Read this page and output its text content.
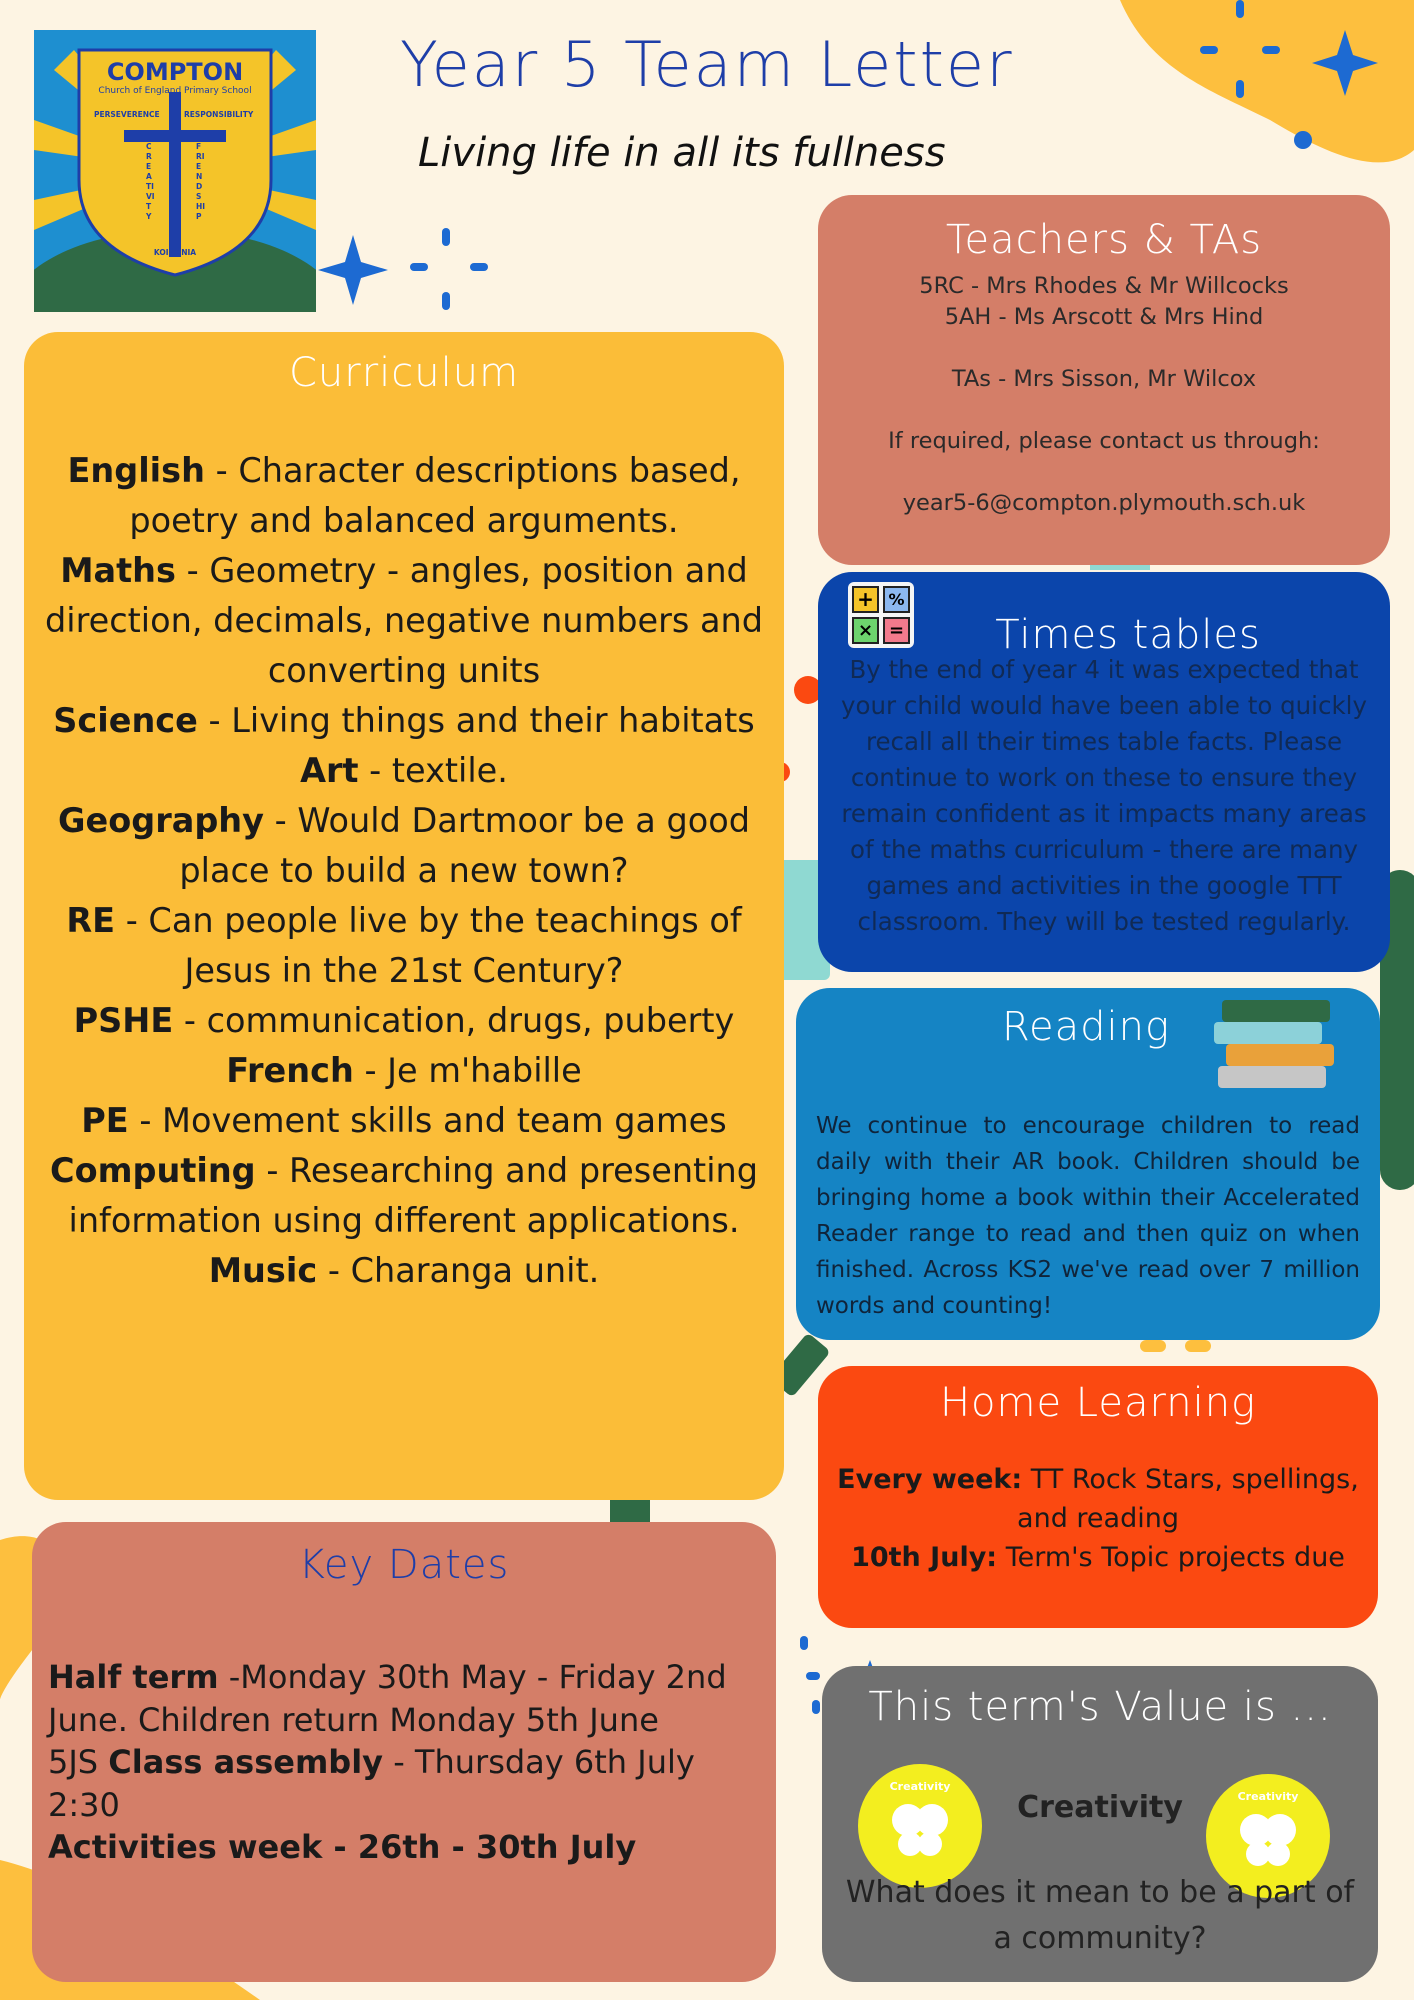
COMPTON
Church of England Primary School
PERSEVERENCE	RESPONSIBILITY
CREATIVITY
FRIENDSHIP
KOINONIA
Year 5 Team Letter
Living life in all its fullness
Curriculum
English - Character descriptions based,
poetry and balanced arguments.
Maths - Geometry - angles, position and
direction, decimals, negative numbers and
converting units
Science - Living things and their habitats
Art - textile.
Geography - Would Dartmoor be a good
place to build a new town?
RE - Can people live by the teachings of
Jesus in the 21st Century?
PSHE - communication, drugs, puberty
French - Je m'habille
PE - Movement skills and team games
Computing - Researching and presenting
information using different applications.
Music - Charanga unit.
Teachers & TAs
5RC - Mrs Rhodes & Mr Willcocks
5AH - Ms Arscott & Mrs Hind

TAs - Mrs Sisson, Mr Wilcox

If required, please contact us through:

year5-6@compton.plymouth.sch.uk
+ %
× =	Times tables
By the end of year 4 it was expected that your child would have been able to quickly recall all their times table facts. Please continue to work on these to ensure they remain confident as it impacts many areas of the maths curriculum - there are many games and activities in the google TTT classroom. They will be tested regularly.
Reading
We continue to encourage children to read daily with their AR book. Children should be bringing home a book within their Accelerated Reader range to read and then quiz on when finished. Across KS2 we've read over 7 million words and counting!
Home Learning
Every week: TT Rock Stars, spellings, and reading
10th July: Term's Topic projects due
Key Dates
Half term -Monday 30th May - Friday 2nd June. Children return Monday 5th June
5JS Class assembly - Thursday 6th July 2:30
Activities week - 26th - 30th July
This term's Value is ...
Creativity
Creativity
Creativity
What does it mean to be a part of a community?
